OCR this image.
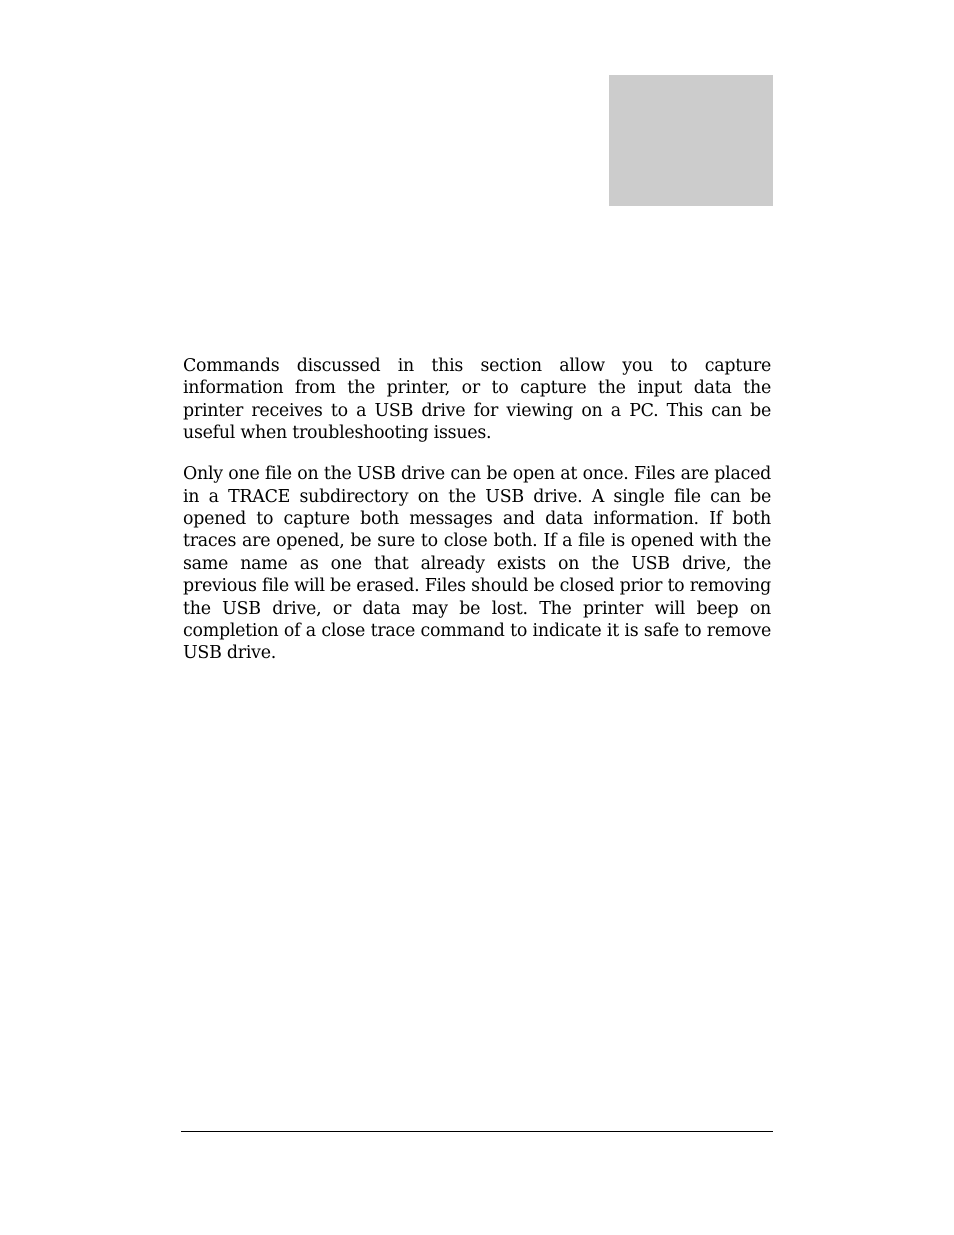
Commands discussed in this section allow you to capture information from the printer, or to capture the input data the printer receives to a USB drive for viewing on a PC. This can be useful when troubleshooting issues.

Only one file on the USB drive can be open at once. Files are placed in a TRACE subdirectory on the USB drive. A single file can be opened to capture both messages and data information. If both traces are opened, be sure to close both. If a file is opened with the same name as one that already exists on the USB drive, the previous file will be erased. Files should be closed prior to removing the USB drive, or data may be lost. The printer will beep on completion of a close trace command to indicate it is safe to remove USB drive.
